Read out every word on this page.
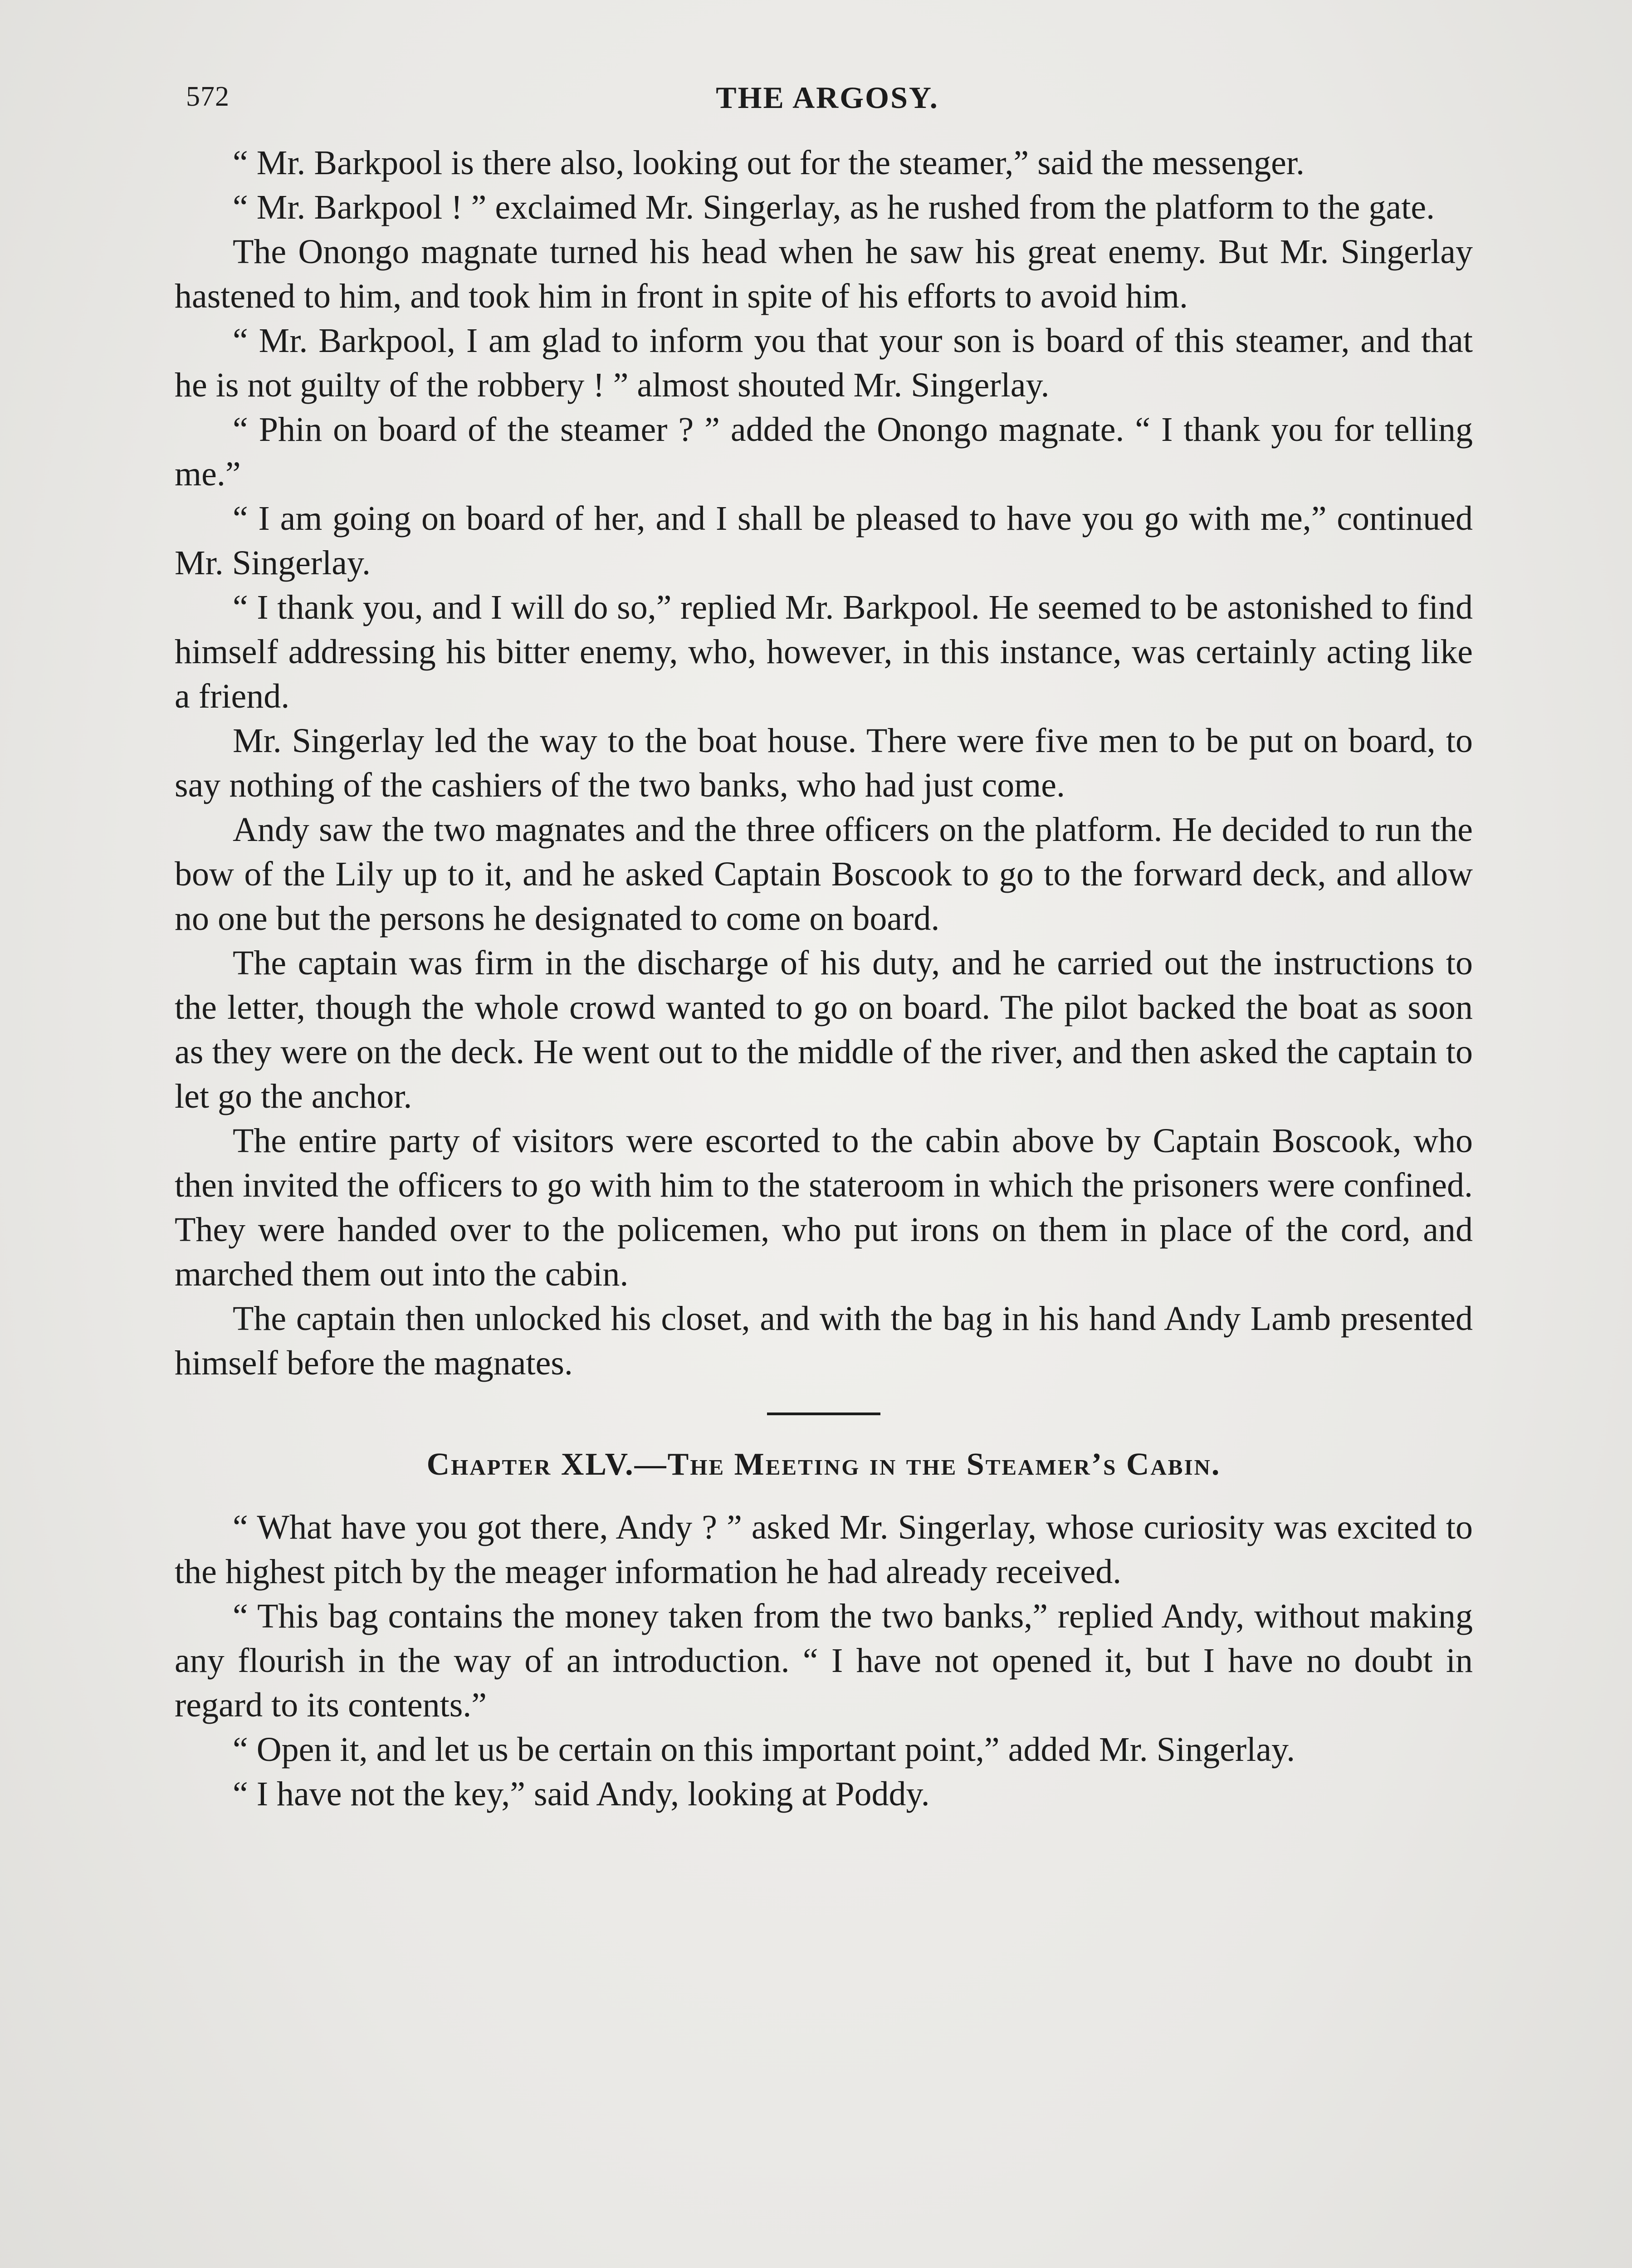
572	THE ARGOSY.

“ Mr. Barkpool is there also, looking out for the steamer,” said the messenger.

“ Mr. Barkpool ! ” exclaimed Mr. Singerlay, as he rushed from the platform to the gate.

The Onongo magnate turned his head when he saw his great enemy. But Mr. Singerlay hastened to him, and took him in front in spite of his efforts to avoid him.

“ Mr. Barkpool, I am glad to inform you that your son is board of this steamer, and that he is not guilty of the robbery ! ” almost shouted Mr. Singerlay.

“ Phin on board of the steamer ? ” added the Onongo magnate. “ I thank you for telling me.”

“ I am going on board of her, and I shall be pleased to have you go with me,” continued Mr. Singerlay.

“ I thank you, and I will do so,” replied Mr. Barkpool. He seemed to be astonished to find himself addressing his bitter enemy, who, however, in this instance, was certainly acting like a friend.

Mr. Singerlay led the way to the boat house. There were five men to be put on board, to say nothing of the cashiers of the two banks, who had just come.

Andy saw the two magnates and the three officers on the platform. He decided to run the bow of the Lily up to it, and he asked Captain Boscook to go to the forward deck, and allow no one but the persons he designated to come on board.

The captain was firm in the discharge of his duty, and he carried out the instructions to the letter, though the whole crowd wanted to go on board. The pilot backed the boat as soon as they were on the deck. He went out to the middle of the river, and then asked the captain to let go the anchor.

The entire party of visitors were escorted to the cabin above by Captain Boscook, who then invited the officers to go with him to the stateroom in which the prisoners were confined. They were handed over to the policemen, who put irons on them in place of the cord, and marched them out into the cabin.

The captain then unlocked his closet, and with the bag in his hand Andy Lamb presented himself before the magnates.

Chapter XLV.—The Meeting in the Steamer’s Cabin.

“ What have you got there, Andy ? ” asked Mr. Singerlay, whose curiosity was excited to the highest pitch by the meager information he had already received.

“ This bag contains the money taken from the two banks,” replied Andy, without making any flourish in the way of an introduction. “ I have not opened it, but I have no doubt in regard to its contents.”

“ Open it, and let us be certain on this important point,” added Mr. Singerlay.

“ I have not the key,” said Andy, looking at Poddy.
